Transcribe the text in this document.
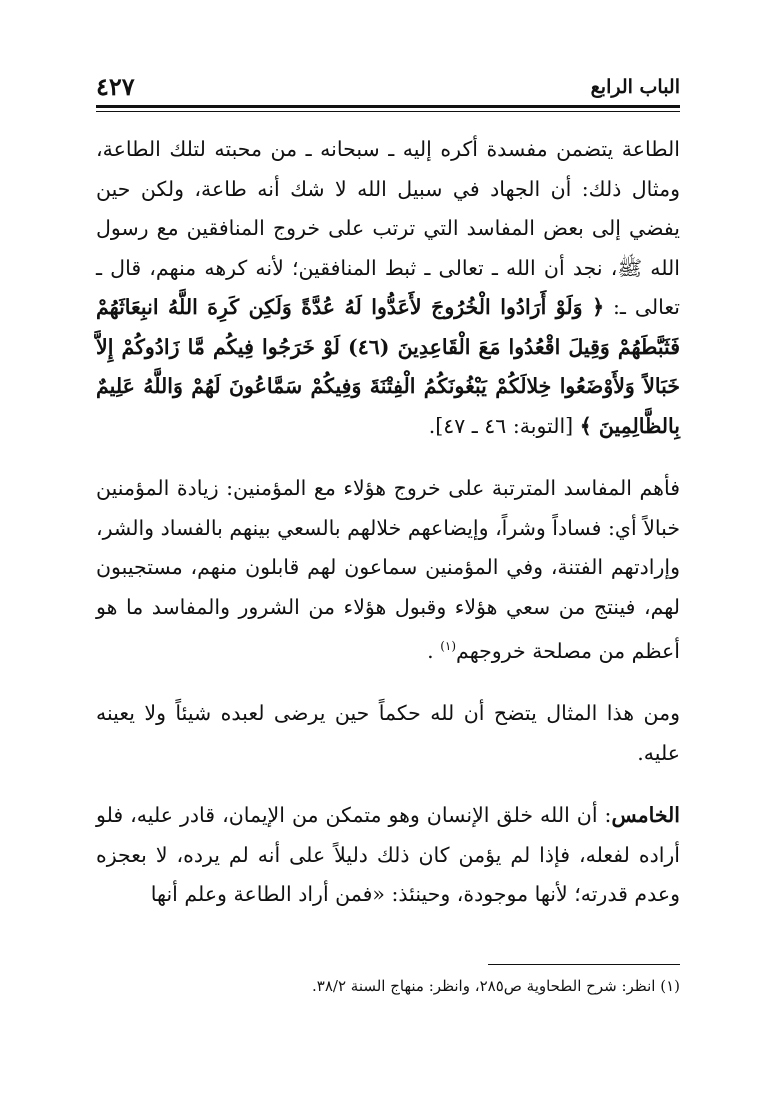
الباب الرابع
٤٢٧

الطاعة يتضمن مفسدة أكره إليه ـ سبحانه ـ من محبته لتلك الطاعة، ومثال ذلك: أن الجهاد في سبيل الله لا شك أنه طاعة، ولكن حين يفضي إلى بعض المفاسد التي ترتب على خروج المنافقين مع رسول الله ﷺ، نجد أن الله ـ تعالى ـ ثبط المنافقين؛ لأنه كرهه منهم، قال ـ تعالى ـ: ﴿ وَلَوْ أَرَادُوا الْخُرُوجَ لأَعَدُّوا لَهُ عُدَّةً وَلَكِن كَرِهَ اللَّهُ انبِعَاثَهُمْ فَثَبَّطَهُمْ وَقِيلَ اقْعُدُوا مَعَ الْقَاعِدِينَ (٤٦) لَوْ خَرَجُوا فِيكُم مَّا زَادُوكُمْ إِلاَّ خَبَالاً وَلأَوْضَعُوا خِلالَكُمْ يَبْغُونَكُمُ الْفِتْنَةَ وَفِيكُمْ سَمَّاعُونَ لَهُمْ وَاللَّهُ عَلِيمٌ بِالظَّالِمِينَ ﴾ [التوبة: ٤٦ ـ ٤٧].

فأهم المفاسد المترتبة على خروج هؤلاء مع المؤمنين: زيادة المؤمنين خبالاً أي: فساداً وشراً، وإيضاعهم خلالهم بالسعي بينهم بالفساد والشر، وإرادتهم الفتنة، وفي المؤمنين سماعون لهم قابلون منهم، مستجيبون لهم، فينتج من سعي هؤلاء وقبول هؤلاء من الشرور والمفاسد ما هو أعظم من مصلحة خروجهم$^{(١)}$ .

ومن هذا المثال يتضح أن لله حكماً حين يرضى لعبده شيئاً ولا يعينه عليه.

الخامس: أن الله خلق الإنسان وهو متمكن من الإيمان، قادر عليه، فلو أراده لفعله، فإذا لم يؤمن كان ذلك دليلاً على أنه لم يرده، لا بعجزه وعدم قدرته؛ لأنها موجودة، وحينئذ: «فمن أراد الطاعة وعلم أنها

(١) انظر: شرح الطحاوية ص٢٨٥، وانظر: منهاج السنة ٣٨/٢.
